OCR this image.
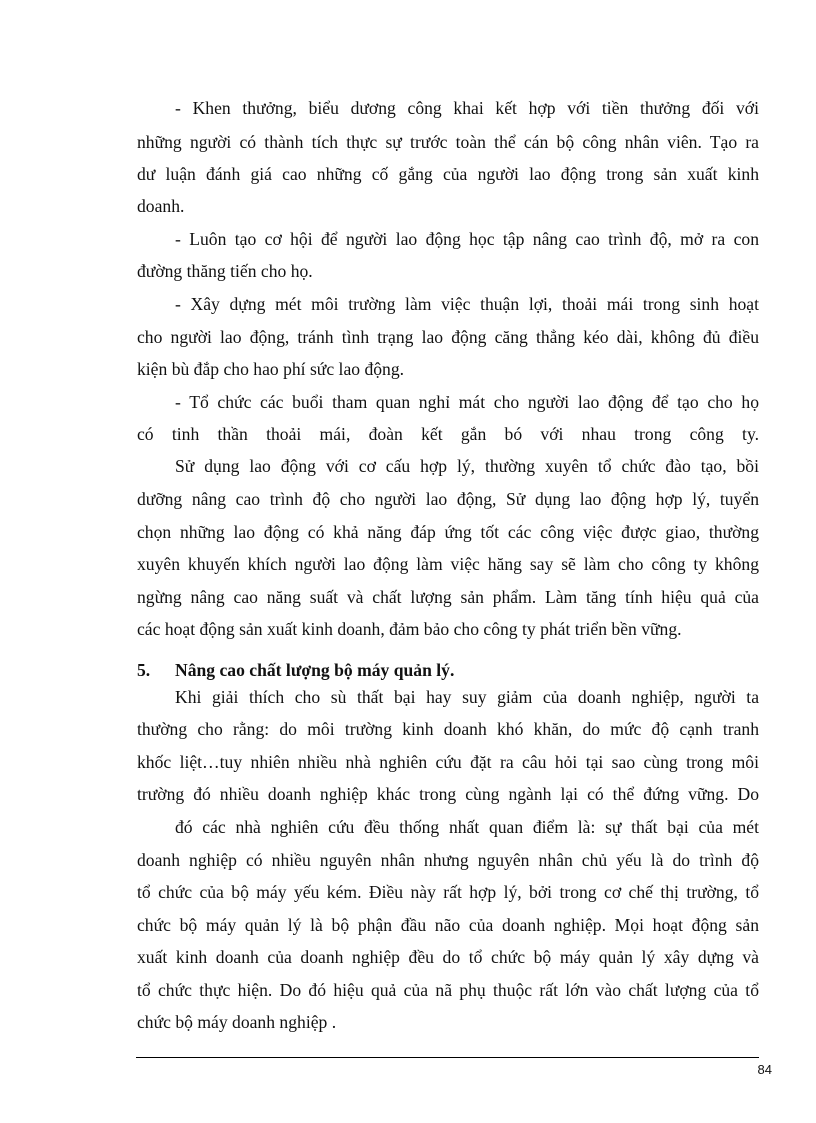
- Khen thưởng, biểu dương công khai kết hợp với tiền thưởng đối với
những người có thành tích thực sự trước toàn thể cán bộ công nhân viên. Tạo ra
dư luận đánh giá cao những cố gắng của người lao động trong sản xuất kinh
doanh.
- Luôn tạo cơ hội để người lao động học tập nâng cao trình độ, mở ra con
đường thăng tiến cho họ.
- Xây dựng mét môi trường làm việc thuận lợi, thoải mái trong sinh hoạt
cho người lao động, tránh tình trạng lao động căng thẳng kéo dài, không đủ điều
kiện bù đắp cho hao phí sức lao động.
- Tổ chức các buổi tham quan nghỉ mát cho người lao động để tạo cho họ
có tinh thần thoải mái, đoàn kết gắn bó với nhau trong công ty.
Sử dụng lao động với cơ cấu hợp lý, thường xuyên tổ chức đào tạo, bồi
dưỡng nâng cao trình độ cho người lao động, Sử dụng lao động hợp lý, tuyển
chọn những lao động có khả năng đáp ứng tốt các công việc được giao, thường
xuyên khuyến khích người lao động làm việc hăng say sẽ làm cho công ty không
ngừng nâng cao năng suất và chất lượng sản phẩm. Làm tăng tính hiệu quả của
các hoạt động sản xuất kinh doanh, đảm bảo cho công ty phát triển bền vững.
5. Nâng cao chất lượng bộ máy quản lý.
Khi giải thích cho sù thất bại hay suy giảm của doanh nghiệp, người ta
thường cho rằng: do môi trường kinh doanh khó khăn, do mức độ cạnh tranh
khốc liệt…tuy nhiên nhiều nhà nghiên cứu đặt ra câu hỏi tại sao cùng trong môi
trường đó nhiều doanh nghiệp khác trong cùng ngành lại có thể đứng vững. Do
đó các nhà nghiên cứu đều thống nhất quan điểm là: sự thất bại của mét
doanh nghiệp có nhiều nguyên nhân nhưng nguyên nhân chủ yếu là do trình độ
tổ chức của bộ máy yếu kém. Điều này rất hợp lý, bởi trong cơ chế thị trường, tổ
chức bộ máy quản lý là bộ phận đầu não của doanh nghiệp. Mọi hoạt động sản
xuất kinh doanh của doanh nghiệp đều do tổ chức bộ máy quản lý xây dựng và
tổ chức thực hiện. Do đó hiệu quả của nã phụ thuộc rất lớn vào chất lượng của tổ
chức bộ máy doanh nghiệp .
84
